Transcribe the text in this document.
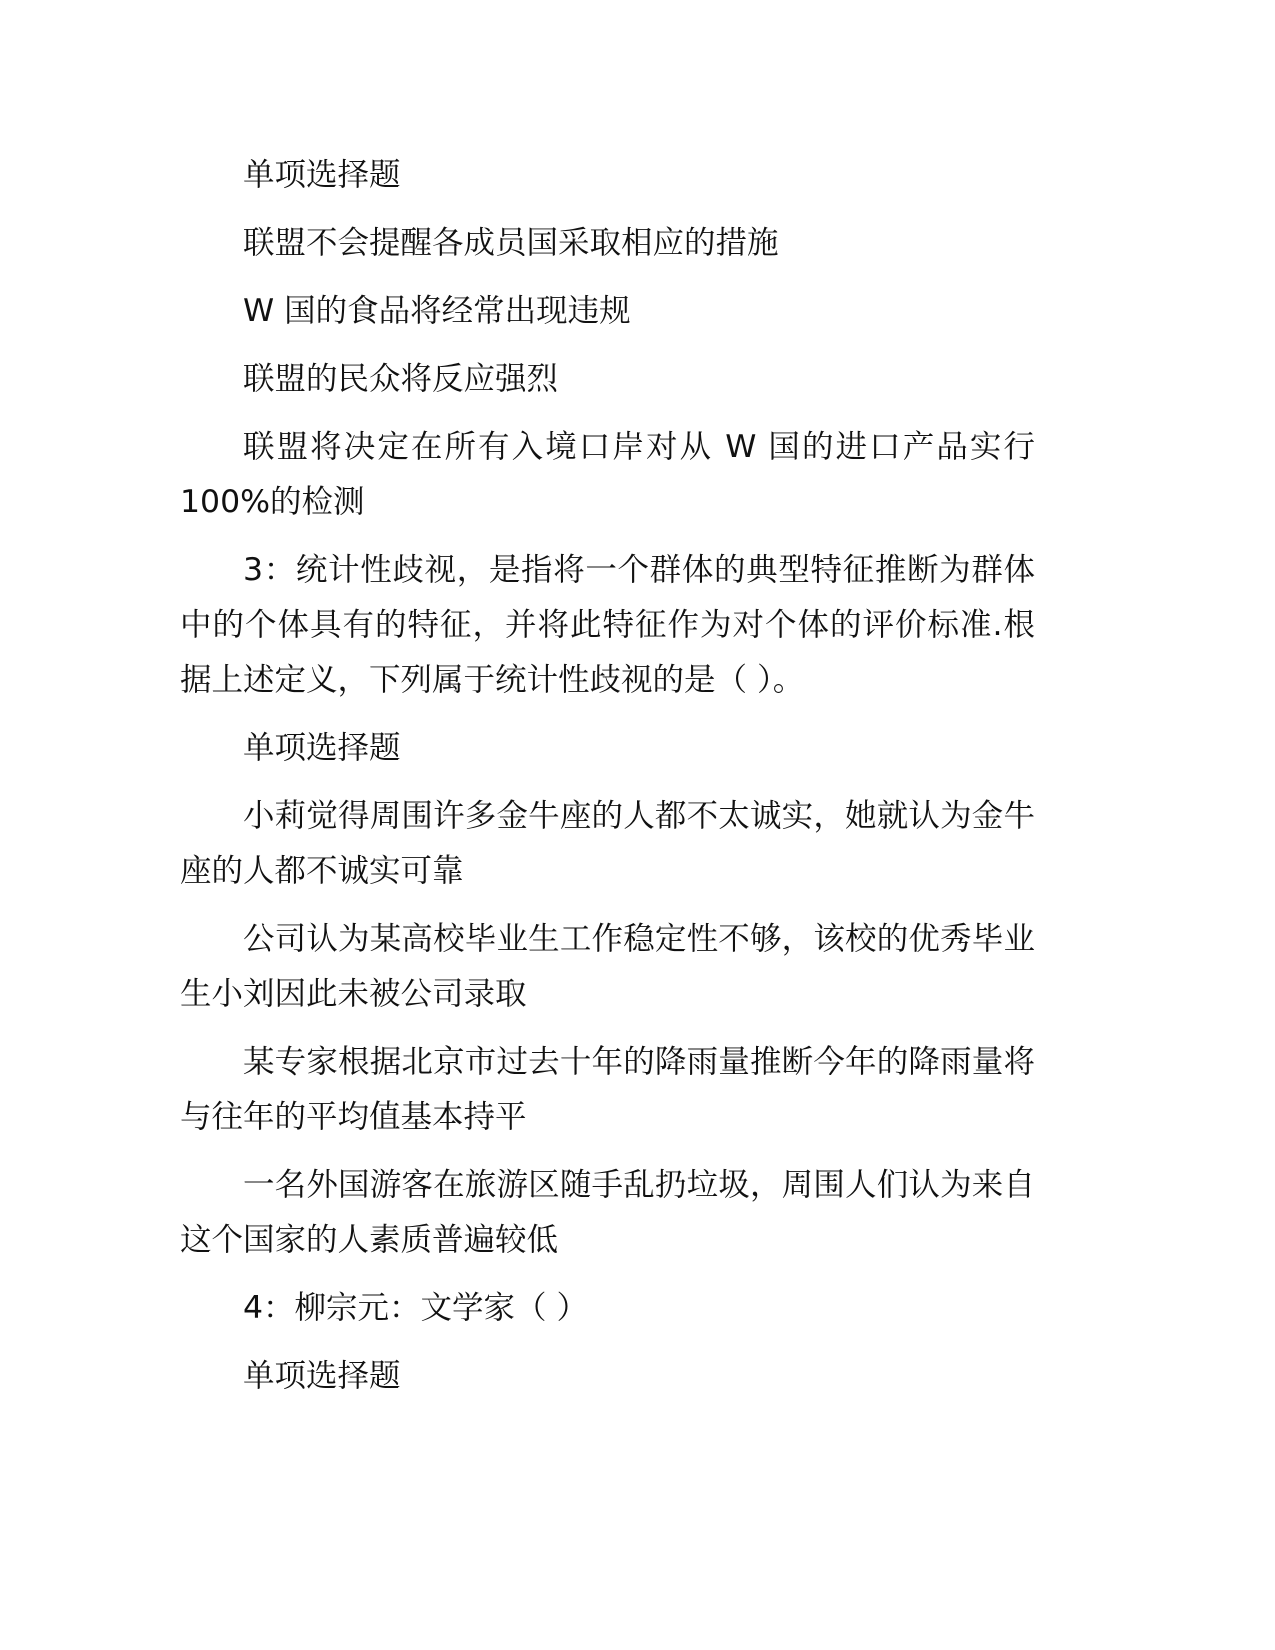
单项选择题
联盟不会提醒各成员国采取相应的措施
W 国的食品将经常出现违规
联盟的民众将反应强烈
联盟将决定在所有入境口岸对从 W 国的进口产品实行
100%的检测
3：统计性歧视，是指将一个群体的典型特征推断为群体
中的个体具有的特征，并将此特征作为对个体的评价标准.根
据上述定义，下列属于统计性歧视的是（ ）。
单项选择题
小莉觉得周围许多金牛座的人都不太诚实，她就认为金牛
座的人都不诚实可靠
公司认为某高校毕业生工作稳定性不够，该校的优秀毕业
生小刘因此未被公司录取
某专家根据北京市过去十年的降雨量推断今年的降雨量将
与往年的平均值基本持平
一名外国游客在旅游区随手乱扔垃圾，周围人们认为来自
这个国家的人素质普遍较低
4：柳宗元：文学家（ ）
单项选择题
